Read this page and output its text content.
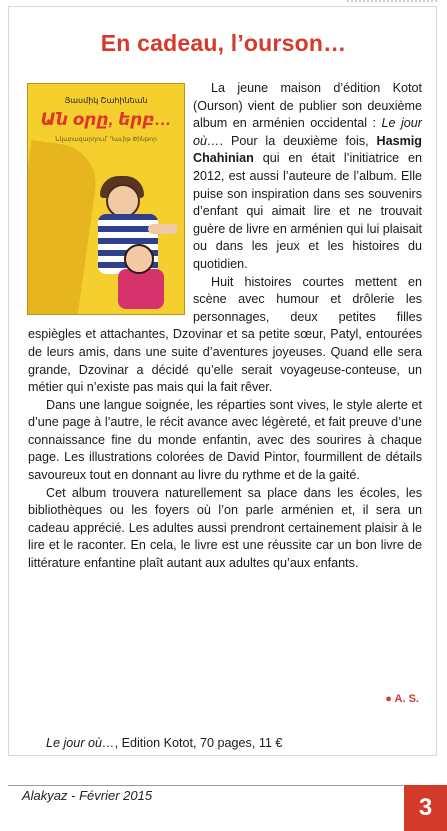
En cadeau, l’ourson…
Յասմիկ Շահինեան
Ան օրը, երբ…
Նկարազարդում՝ Դաւիթ Փինթոր

La jeune maison d’édition Kotot (Ourson) vient de publier son deuxième album en arménien occidental : Le jour où…. Pour la deuxième fois, Hasmig Chahinian qui en était l’initiatrice en 2012, est aussi l’auteure de l’album. Elle puise son inspiration dans ses souvenirs d’enfant qui aimait lire et ne trouvait guère de livre en arménien qui lui plaisait ou dans les jeux et les histoires du quotidien.

Huit histoires courtes mettent en scène avec humour et drôlerie les personnages, deux petites filles espiègles et attachantes, Dzovinar et sa petite sœur, Patyl, entourées de leurs amis, dans une suite d’aventures joyeuses. Quand elle sera grande, Dzovinar a décidé qu’elle serait voyageuse-conteuse, un métier qui n’existe pas mais qui la fait rêver.

Dans une langue soignée, les réparties sont vives, le style alerte et d’une page à l’autre, le récit avance avec légèreté, et fait preuve d’une connaissance fine du monde enfantin, avec des sourires à chaque page. Les illustrations colorées de David Pintor, fourmillent de détails savoureux tout en donnant au livre du rythme et de la gaité.

Cet album trouvera naturellement sa place dans les écoles, les bibliothèques ou les foyers où l’on parle arménien et, il sera un cadeau apprécié. Les adultes aussi prendront certainement plaisir à le lire et le raconter. En cela, le livre est une réussite car un bon livre de littérature enfantine plaît autant aux adultes qu’aux enfants.

● A. S.
Le jour où…, Edition Kotot, 70 pages, 11 €
Alakyaz - Février 2015	3
